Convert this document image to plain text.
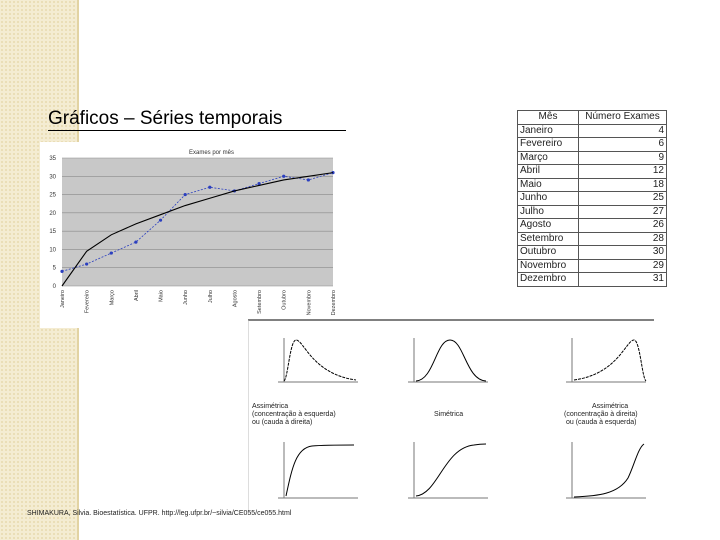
Gráficos – Séries temporais
0
5
10
15
20
25
30
35
Janeiro	Fevereiro	Março	Abril	Maio	Junho	Julho	Agosto	Setembro	Outubro	Novembro	Dezembro
Exames por mês
Mês	Número Exames
Janeiro	4
Fevereiro	6
Março	9
Abril	12
Maio	18
Junho	25
Julho	27
Agosto	26
Setembro	28
Outubro	30
Novembro	29
Dezembro	31
Assimétrica
(concentração à esquerda)
ou (cauda à direita)
Simétrica
Assimétrica
(concentração à direita)
ou (cauda à esquerda)
SHIMAKURA, Silvia. Bioestatística. UFPR. http://leg.ufpr.br/~silvia/CE055/ce055.html
